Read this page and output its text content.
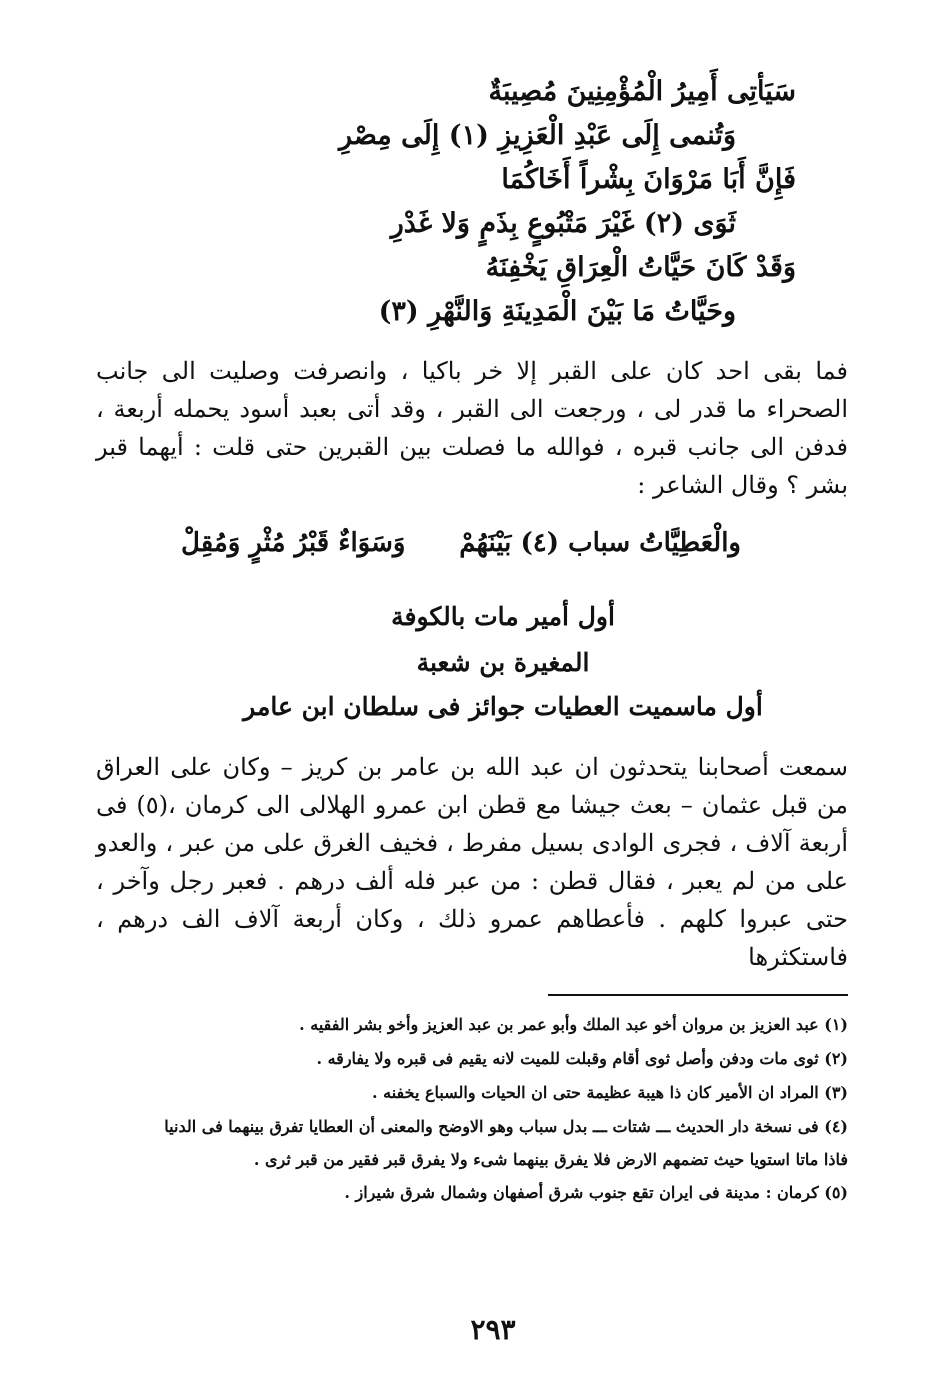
سَيَأتِى أَمِيرُ الْمُؤْمِنِينَ مُصِيبَةٌ
وَتُنمى إِلَى عَبْدِ الْعَزِيزِ (١) إِلَى مِصْرِ
فَإِنَّ أَبَا مَرْوَانَ بِشْراً أَخَاكُمَا
ثَوَى (٢) غَيْرَ مَتْبُوعٍ بِذَمٍ وَلا غَدْرِ
وَقَدْ كَانَ حَيَّاتُ الْعِرَاقِ يَخْفِنَهُ
وحَيَّاتُ مَا بَيْنَ الْمَدِينَةِ وَالنَّهْرِ (٣)
فما بقى احد كان على القبر إلا خر باكيا ، وانصرفت وصليت الى جانب الصحراء ما قدر لى ، ورجعت الى القبر ، وقد أتى بعبد أسود يحمله أربعة ، فدفن الى جانب قبره ، فوالله ما فصلت بين القبرين حتى قلت : أيهما قبر بشر ؟ وقال الشاعر :
والْعَطِيَّاتُ سباب (٤) بَيْنَهُمْ
وَسَوَاءٌ قَبْرُ مُثْرٍ وَمُقِلْ
أول أمير مات بالكوفة
المغيرة بن شعبة
أول ماسميت العطيات جوائز فى سلطان ابن عامر
سمعت أصحابنا يتحدثون ان عبد الله بن عامر بن كريز – وكان على العراق من قبل عثمان – بعث جيشا مع قطن ابن عمرو الهلالى الى كرمان ،(٥) فى أربعة آلاف ، فجرى الوادى بسيل مفرط ، فخيف الغرق على من عبر ، والعدو على من لم يعبر ، فقال قطن : من عبر فله ألف درهم . فعبر رجل وآخر ، حتى عبروا كلهم . فأعطاهم عمرو ذلك ، وكان أربعة آلاف الف درهم ، فاستكثرها
(١) عبد العزيز بن مروان أخو عبد الملك وأبو عمر بن عبد العزيز وأخو بشر الفقيه .
(٢) ثوى مات ودفن وأصل ثوى أقام وقبلت للميت لانه يقيم فى قبره ولا يفارقه .
(٣) المراد ان الأمير كان ذا هيبة عظيمة حتى ان الحيات والسباع يخفنه .
(٤) فى نسخة دار الحديث ـــ شتات ـــ بدل سباب وهو الاوضح والمعنى أن العطايا تفرق بينهما فى الدنيا
فاذا ماتا استويا حيث تضمهم الارض فلا يفرق بينهما شىء ولا يفرق قبر فقير من قبر ثرى .
(٥) كرمان : مدينة فى ايران تقع جنوب شرق أصفهان وشمال شرق شيراز .
٢٩٣
